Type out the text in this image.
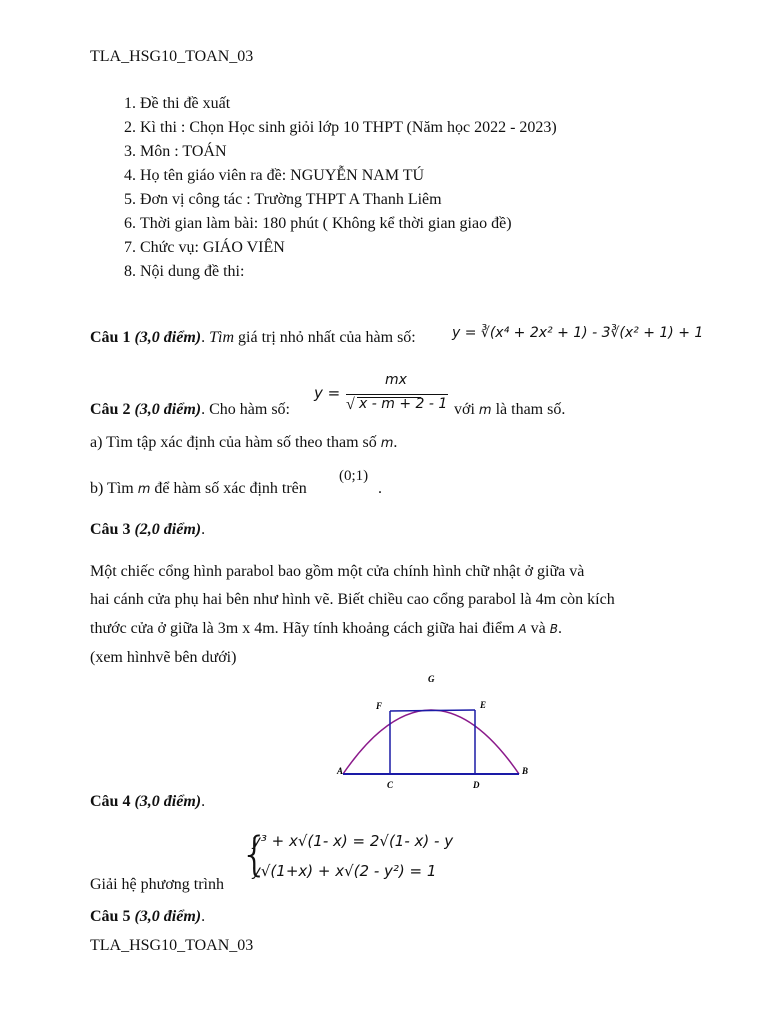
TLA_HSG10_TOAN_03
1. Đề thi đề xuất
2. Kì thi : Chọn Học sinh giỏi lớp 10 THPT (Năm học 2022 - 2023)
3. Môn : TOÁN
4. Họ tên giáo viên ra đề: NGUYỄN NAM TÚ
5. Đơn vị công tác : Trường THPT A Thanh Liêm
6. Thời gian làm bài: 180 phút ( Không kể thời gian giao đề)
7. Chức vụ: GIÁO VIÊN
8. Nội dung đề thi:
Câu 1 (3,0 điểm). Tìm giá trị nhỏ nhất của hàm số:	y = ∛(x⁴ + 2x² + 1) - 3∛(x² + 1) + 1
Câu 2 (3,0 điểm). Cho hàm số:
y =
mx
√ x - m + 2 - 1 với m là tham số.
a) Tìm tập xác định của hàm số theo tham số m.
b) Tìm m để hàm số xác định trên
(0;1)
.
Câu 3 (2,0 điểm).
Một chiếc cổng hình parabol bao gồm một cửa chính hình chữ nhật ở giữa và
hai cánh cửa phụ hai bên như hình vẽ. Biết chiều cao cổng parabol là 4m còn kích
thước cửa ở giữa là 3m x 4m. Hãy tính khoảng cách giữa hai điểm A và B.
(xem hìnhvẽ bên dưới)
G
F	E
A	B
C	D
Câu 4 (3,0 điểm).
Giải hệ phương trình
{
y³ + x√(1- x) = 2√(1- x) - y
y√(1+x) + x√(2 - y²) = 1
Câu 5 (3,0 điểm).
TLA_HSG10_TOAN_03
